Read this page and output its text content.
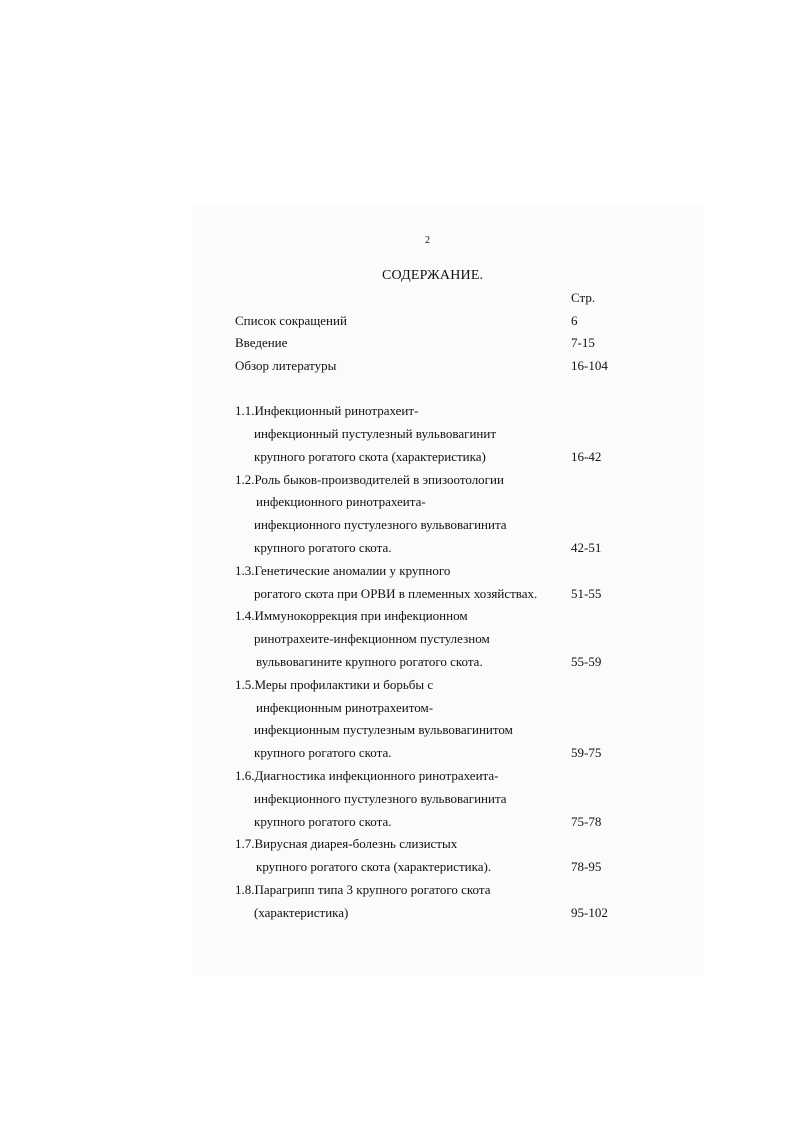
2
СОДЕРЖАНИЕ.
Стр.
Список сокращений	6
Введение	7-15
Обзор литературы	16-104
1.1.Инфекционный ринотрахеит-
инфекционный пустулезный вульвовагинит
крупного рогатого скота (характеристика)	16-42
1.2.Роль быков-производителей в эпизоотологии
инфекционного ринотрахеита-
инфекционного пустулезного вульвовагинита
крупного рогатого скота.	42-51
1.3.Генетические аномалии у крупного
рогатого скота при ОРВИ в племенных хозяйствах.	51-55
1.4.Иммунокоррекция при инфекционном
ринотрахеите-инфекционном пустулезном
вульвовагините крупного рогатого скота.	55-59
1.5.Меры профилактики и борьбы с
инфекционным ринотрахеитом-
инфекционным пустулезным вульвовагинитом
крупного рогатого скота.	59-75
1.6.Диагностика инфекционного ринотрахеита-
инфекционного пустулезного вульвовагинита
крупного рогатого скота.	75-78
1.7.Вирусная диарея-болезнь слизистых
крупного рогатого скота (характеристика).	78-95
1.8.Парагрипп типа 3 крупного рогатого скота
(характеристика)	95-102
